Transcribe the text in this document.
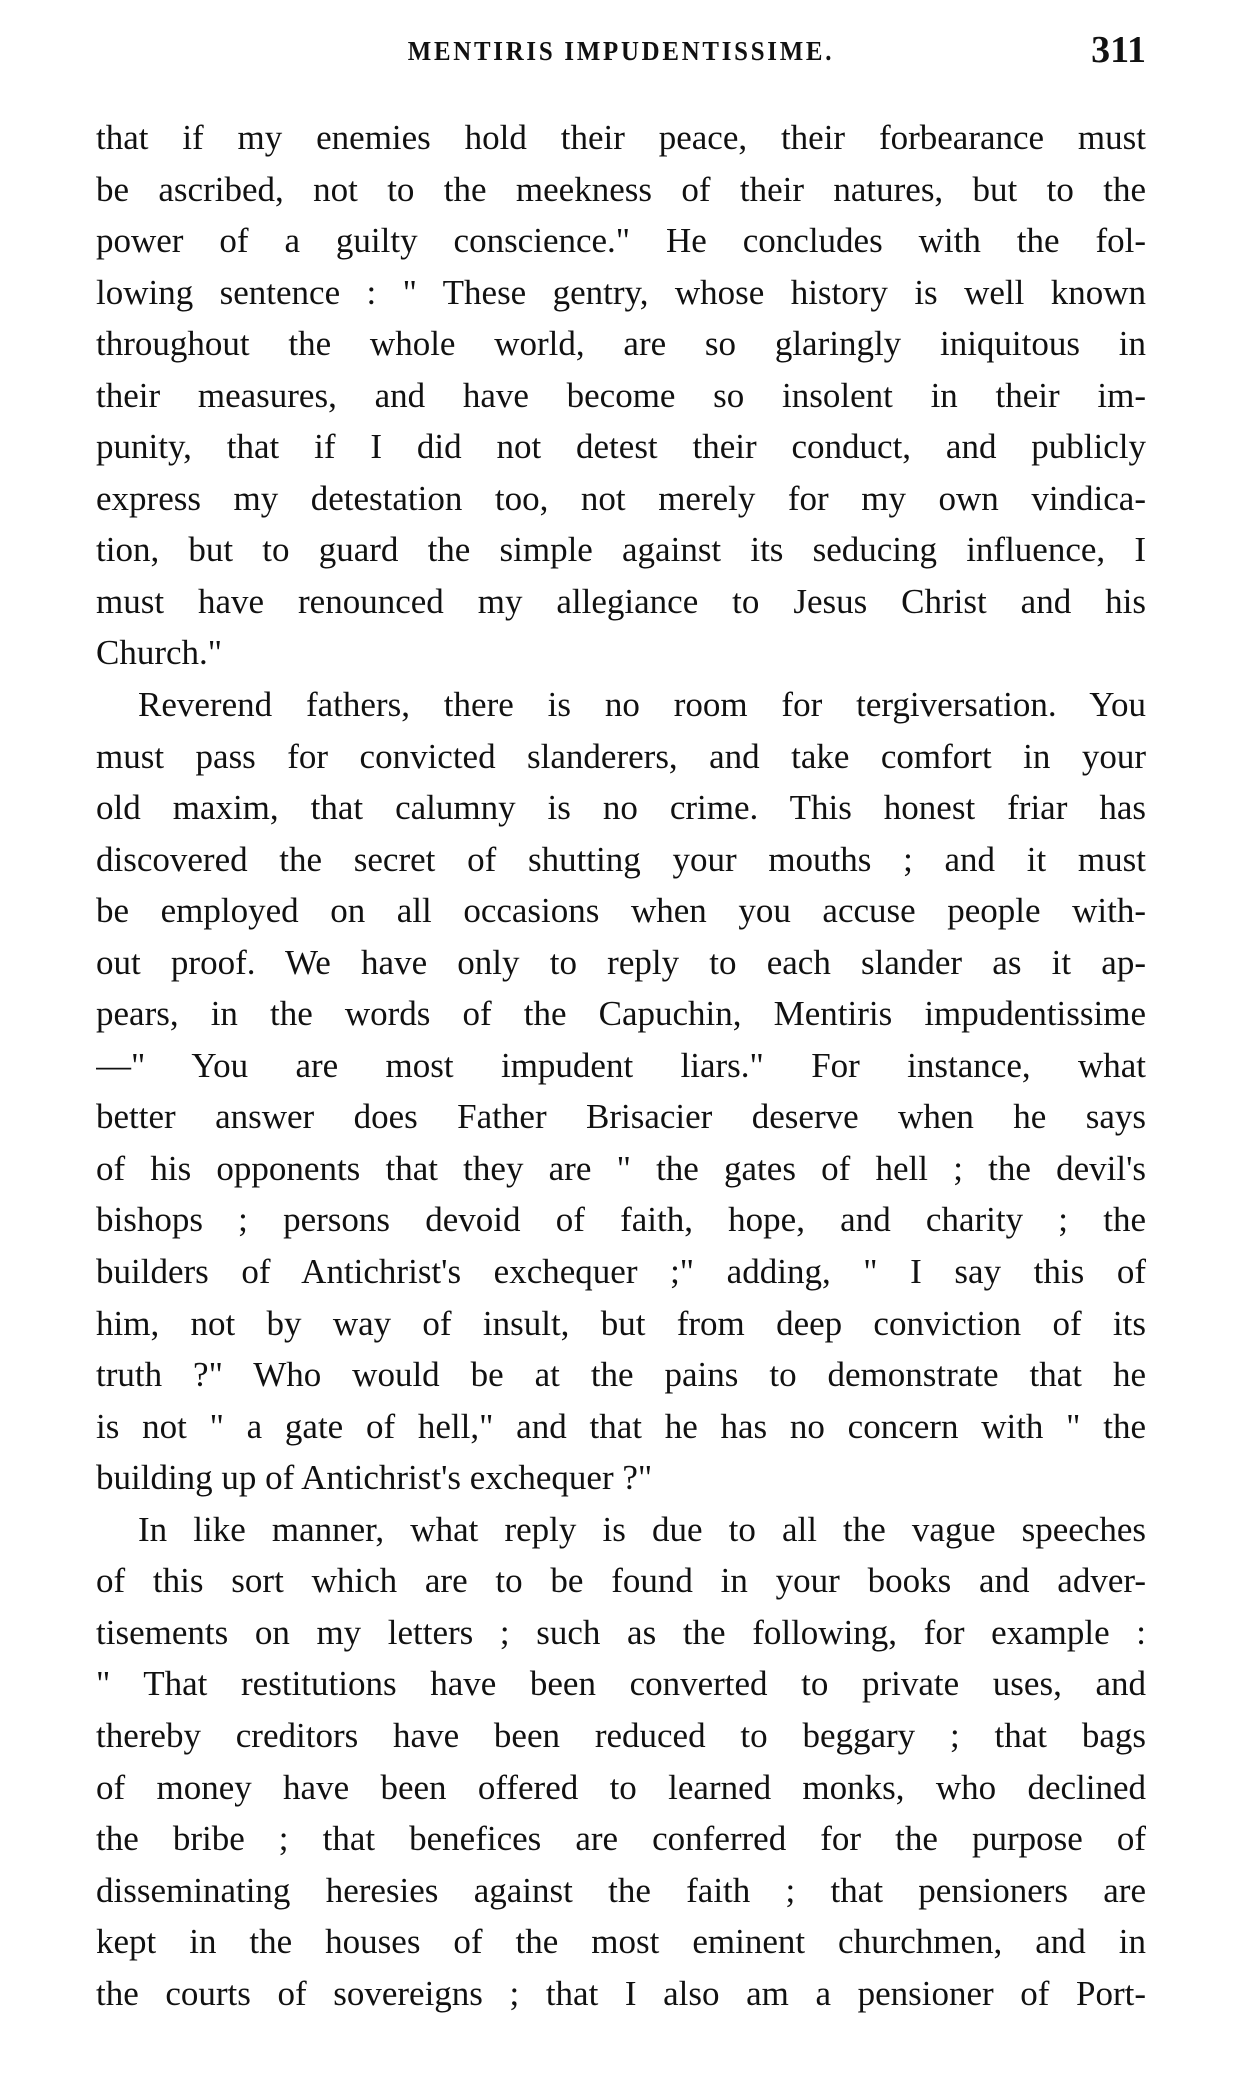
MENTIRIS IMPUDENTISSIME.	311
that if my enemies hold their peace, their forbearance must
be ascribed, not to the meekness of their natures, but to the
power of a guilty conscience." He concludes with the fol-
lowing sentence : " These gentry, whose history is well known
throughout the whole world, are so glaringly iniquitous in
their measures, and have become so insolent in their im-
punity, that if I did not detest their conduct, and publicly
express my detestation too, not merely for my own vindica-
tion, but to guard the simple against its seducing influence, I
must have renounced my allegiance to Jesus Christ and his
Church."
Reverend fathers, there is no room for tergiversation. You
must pass for convicted slanderers, and take comfort in your
old maxim, that calumny is no crime. This honest friar has
discovered the secret of shutting your mouths ; and it must
be employed on all occasions when you accuse people with-
out proof. We have only to reply to each slander as it ap-
pears, in the words of the Capuchin, Mentiris impudentissime
—" You are most impudent liars." For instance, what
better answer does Father Brisacier deserve when he says
of his opponents that they are " the gates of hell ; the devil's
bishops ; persons devoid of faith, hope, and charity ; the
builders of Antichrist's exchequer ;" adding, " I say this of
him, not by way of insult, but from deep conviction of its
truth ?" Who would be at the pains to demonstrate that he
is not " a gate of hell," and that he has no concern with " the
building up of Antichrist's exchequer ?"
In like manner, what reply is due to all the vague speeches
of this sort which are to be found in your books and adver-
tisements on my letters ; such as the following, for example :
" That restitutions have been converted to private uses, and
thereby creditors have been reduced to beggary ; that bags
of money have been offered to learned monks, who declined
the bribe ; that benefices are conferred for the purpose of
disseminating heresies against the faith ; that pensioners are
kept in the houses of the most eminent churchmen, and in
the courts of sovereigns ; that I also am a pensioner of Port-
